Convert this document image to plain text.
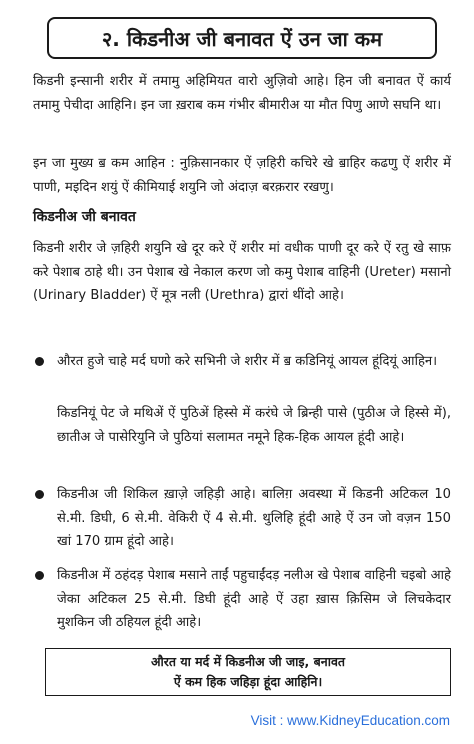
२. किडनीअ जी बनावत ऐं उन जा कम

किडनी इन्सानी शरीर में तमामु अहिमियत वारो अुज़िवो आहे। हिन जी बनावत ऐं कार्य तमामु पेचीदा आहिनि। इन जा ख़राब कम गंभीर बीमारीअ या मौत पिणु आणे सघनि था।

इन जा मुख्य ॿ कम आहिन : नुक़िसानकार ऐं ज़हिरी कचिरे खे ॿाहिर कढणु ऐं शरीर में पाणी, मइदिन शयुं ऐं कीमियाई शयुनि जो अंदाज़ बरक़रार रखणु।

किडनीअ जी बनावत

किडनी शरीर जे ज़हिरी शयुनि खे दूर करे ऐं शरीर मां वधीक पाणी दूर करे ऐं रतु खे साफ़ करे पेशाब ठाहे थी। उन पेशाब खे नेकाल करण जो कमु पेशाब वाहिनी (Ureter) मसानो (Urinary Bladder) ऐं मूत्र नली (Urethra) द्वारां थींदो आहे।

औरत हुजे चाहे मर्द घणो करे सभिनी जे शरीर में ॿ कडिनियूं आयल हूंदियूं आहिन।

किडनियूं पेट जे मथिअें ऐं पुठिअें हिस्से में करंघे जे ब्रिन्ही पासे (पुठीअ जे हिस्से में), छातीअ जे पासेरियुनि जे पुठियां सलामत नमूने हिक-हिक आयल हूंदी आहे।

किडनीअ जी शिकिल ख़ाज़े जहिड़ी आहे। बालिग़ अवस्था में किडनी अटिकल 10 से.मी. डिघी, 6 से.मी. वेकिरी ऐं 4 से.मी. थुलिहि हूंदी आहे ऐं उन जो वज़न 150 खां 170 ग्राम हूंदो आहे।

किडनीअ में ठहंदड़ पेशाब मसाने ताईं पहुचाईंदड़ नलीअ खे पेशाब वाहिनी चइबो आहे जेका अटिकल 25 से.मी. डिघी हूंदी आहे ऐं उहा ख़ास क़िसिम जे लिचकेदार मुशकिन जी ठहियल हूंदी आहे।

औरत या मर्द में किडनीअ जी जाइ, बनावत
ऐं कम हिक जहिड़ा हूंदा आहिनि।
Visit : www.KidneyEducation.com
